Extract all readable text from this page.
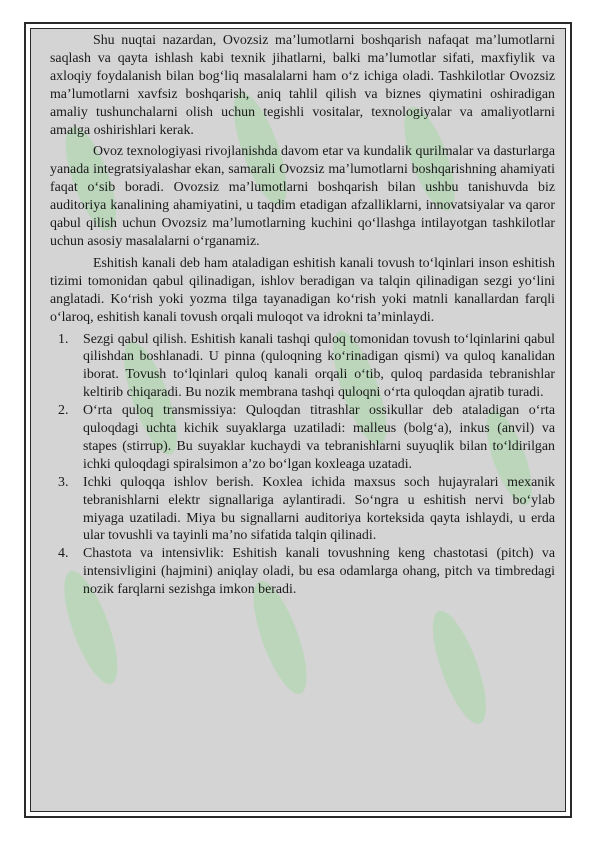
Shu nuqtai nazardan, Ovozsiz ma’lumotlarni boshqarish nafaqat ma’lumotlarni saqlash va qayta ishlash kabi texnik jihatlarni, balki ma’lumotlar sifati, maxfiylik va axloqiy foydalanish bilan bog‘liq masalalarni ham o‘z ichiga oladi. Tashkilotlar Ovozsiz ma’lumotlarni xavfsiz boshqarish, aniq tahlil qilish va biznes qiymatini oshiradigan amaliy tushunchalarni olish uchun tegishli vositalar, texnologiyalar va amaliyotlarni amalga oshirishlari kerak.

Ovoz texnologiyasi rivojlanishda davom etar va kundalik qurilmalar va dasturlarga yanada integratsiyalashar ekan, samarali Ovozsiz ma’lumotlarni boshqarishning ahamiyati faqat o‘sib boradi. Ovozsiz ma’lumotlarni boshqarish bilan ushbu tanishuvda biz auditoriya kanalining ahamiyatini, u taqdim etadigan afzalliklarni, innovatsiyalar va qaror qabul qilish uchun Ovozsiz ma’lumotlarning kuchini qo‘llashga intilayotgan tashkilotlar uchun asosiy masalalarni o‘rganamiz.

Eshitish kanali deb ham ataladigan eshitish kanali tovush to‘lqinlari inson eshitish tizimi tomonidan qabul qilinadigan, ishlov beradigan va talqin qilinadigan sezgi yo‘lini anglatadi. Ko‘rish yoki yozma tilga tayanadigan ko‘rish yoki matnli kanallardan farqli o‘laroq, eshitish kanali tovush orqali muloqot va idrokni ta’minlaydi.

1. Sezgi qabul qilish. Eshitish kanali tashqi quloq tomonidan tovush to‘lqinlarini qabul qilishdan boshlanadi. U pinna (quloqning ko‘rinadigan qismi) va quloq kanalidan iborat. Tovush to‘lqinlari quloq kanali orqali o‘tib, quloq pardasida tebranishlar keltirib chiqaradi. Bu nozik membrana tashqi quloqni o‘rta quloqdan ajratib turadi.
2. O‘rta quloq transmissiya: Quloqdan titrashlar ossikullar deb ataladigan o‘rta quloqdagi uchta kichik suyaklarga uzatiladi: malleus (bolg‘a), inkus (anvil) va stapes (stirrup). Bu suyaklar kuchaydi va tebranishlarni suyuqlik bilan to‘ldirilgan ichki quloqdagi spiralsimon a’zo bo‘lgan koxleaga uzatadi.
3. Ichki quloqqa ishlov berish. Koxlea ichida maxsus soch hujayralari mexanik tebranishlarni elektr signallariga aylantiradi. So‘ngra u eshitish nervi bo‘ylab miyaga uzatiladi. Miya bu signallarni auditoriya korteksida qayta ishlaydi, u erda ular tovushli va tayinli ma’no sifatida talqin qilinadi.
4. Chastota va intensivlik: Eshitish kanali tovushning keng chastotasi (pitch) va intensivligini (hajmini) aniqlay oladi, bu esa odamlarga ohang, pitch va timbredagi nozik farqlarni sezishga imkon beradi.
